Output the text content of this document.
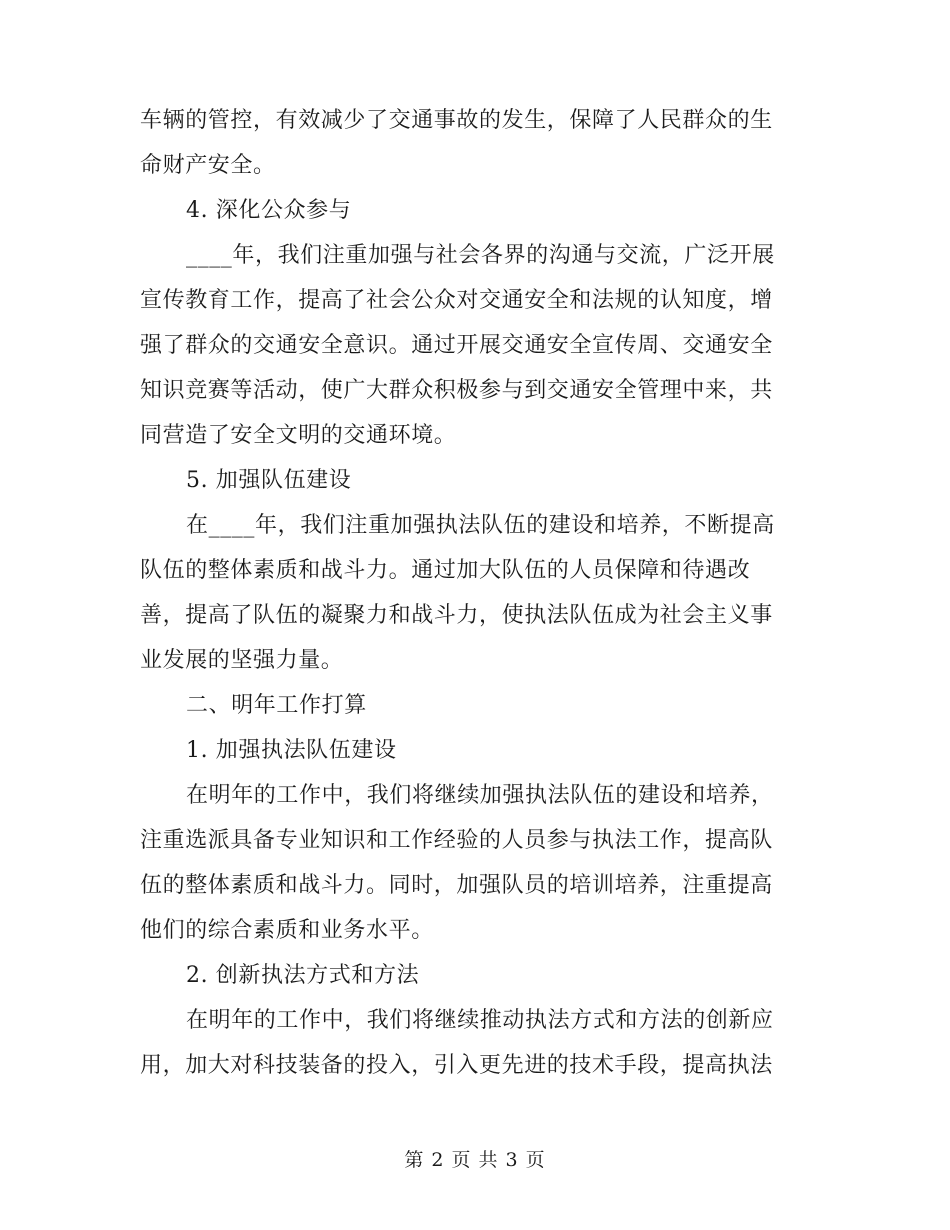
车辆的管控，有效减少了交通事故的发生，保障了人民群众的生
命财产安全。
4. 深化公众参与
____年，我们注重加强与社会各界的沟通与交流，广泛开展
宣传教育工作，提高了社会公众对交通安全和法规的认知度，增
强了群众的交通安全意识。通过开展交通安全宣传周、交通安全
知识竞赛等活动，使广大群众积极参与到交通安全管理中来，共
同营造了安全文明的交通环境。
5. 加强队伍建设
在____年，我们注重加强执法队伍的建设和培养，不断提高
队伍的整体素质和战斗力。通过加大队伍的人员保障和待遇改
善，提高了队伍的凝聚力和战斗力，使执法队伍成为社会主义事
业发展的坚强力量。
二、明年工作打算
1. 加强执法队伍建设
在明年的工作中，我们将继续加强执法队伍的建设和培养，
注重选派具备专业知识和工作经验的人员参与执法工作，提高队
伍的整体素质和战斗力。同时，加强队员的培训培养，注重提高
他们的综合素质和业务水平。
2. 创新执法方式和方法
在明年的工作中，我们将继续推动执法方式和方法的创新应
用，加大对科技装备的投入，引入更先进的技术手段，提高执法
第 2 页 共 3 页
